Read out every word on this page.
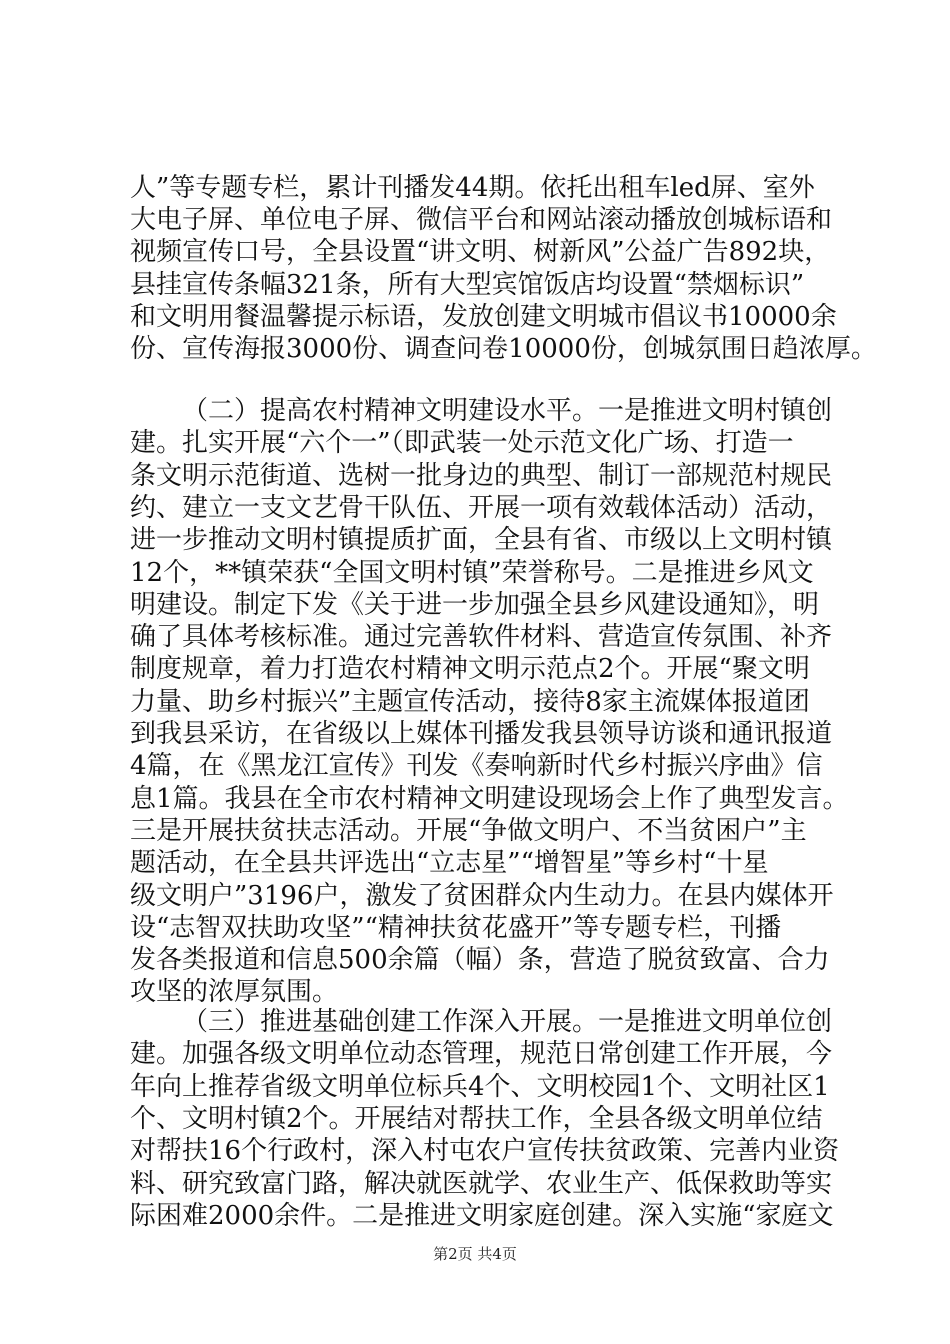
人”等专题专栏，累计刊播发44期。依托出租车led屏、室外
大电子屏、单位电子屏、微信平台和网站滚动播放创城标语和
视频宣传口号，全县设置“讲文明、树新风”公益广告892块，
县挂宣传条幅321条，所有大型宾馆饭店均设置“禁烟标识”
和文明用餐温馨提示标语，发放创建文明城市倡议书10000余
份、宣传海报3000份、调查问卷10000份，创城氛围日趋浓厚。
（二）提高农村精神文明建设水平。一是推进文明村镇创
建。扎实开展“六个一”（即武装一处示范文化广场、打造一
条文明示范街道、选树一批身边的典型、制订一部规范村规民
约、建立一支文艺骨干队伍、开展一项有效载体活动）活动，
进一步推动文明村镇提质扩面，全县有省、市级以上文明村镇
12个，**镇荣获“全国文明村镇”荣誉称号。二是推进乡风文
明建设。制定下发《关于进一步加强全县乡风建设通知》，明
确了具体考核标准。通过完善软件材料、营造宣传氛围、补齐
制度规章，着力打造农村精神文明示范点2个。开展“聚文明
力量、助乡村振兴”主题宣传活动，接待8家主流媒体报道团
到我县采访，在省级以上媒体刊播发我县领导访谈和通讯报道
4篇，在《黑龙江宣传》刊发《奏响新时代乡村振兴序曲》信
息1篇。我县在全市农村精神文明建设现场会上作了典型发言。
三是开展扶贫扶志活动。开展“争做文明户、不当贫困户”主
题活动，在全县共评选出“立志星”“增智星”等乡村“十星
级文明户”3196户，激发了贫困群众内生动力。在县内媒体开
设“志智双扶助攻坚”“精神扶贫花盛开”等专题专栏，刊播
发各类报道和信息500余篇（幅）条，营造了脱贫致富、合力
攻坚的浓厚氛围。
（三）推进基础创建工作深入开展。一是推进文明单位创
建。加强各级文明单位动态管理，规范日常创建工作开展，今
年向上推荐省级文明单位标兵4个、文明校园1个、文明社区1
个、文明村镇2个。开展结对帮扶工作，全县各级文明单位结
对帮扶16个行政村，深入村屯农户宣传扶贫政策、完善内业资
料、研究致富门路，解决就医就学、农业生产、低保救助等实
际困难2000余件。二是推进文明家庭创建。深入实施“家庭文
第2页 共4页
